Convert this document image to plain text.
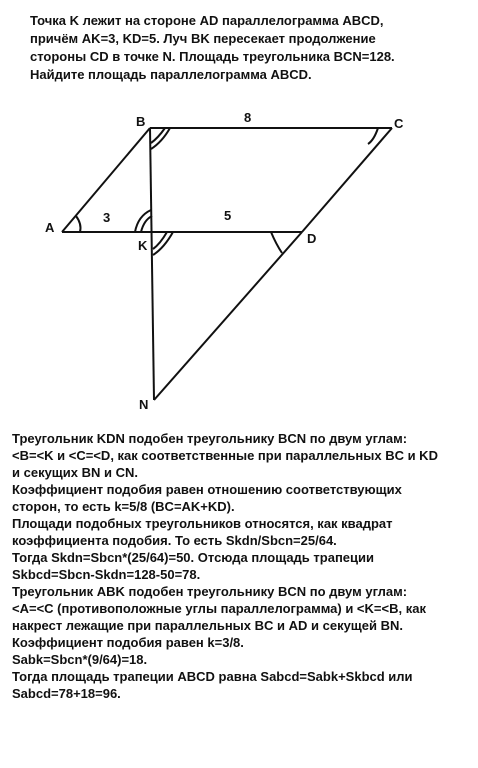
Точка K лежит на стороне AD параллелограмма ABCD,
причём AK=3, KD=5. Луч BK пересекает продолжение
стороны CD в точке N. Площадь треугольника BCN=128.
Найдите площадь параллелограмма ABCD.
B	C
A
D
K
N
8
3	5
Треугольник KDN подобен треугольнику BCN по двум углам:
<B=<K и <C=<D, как соответственные при параллельных BC и KD
и секущих BN и CN.
Коэффициент подобия равен отношению соответствующих
сторон, то есть k=5/8 (BC=AK+KD).
Площади подобных треугольников относятся, как квадрат
коэффициента подобия. То есть Skdn/Sbcn=25/64.
Тогда Skdn=Sbcn*(25/64)=50. Отсюда площадь трапеции
Skbcd=Sbcn-Skdn=128-50=78.
Треугольник ABK подобен треугольнику BCN по двум углам:
<A=<C (противоположные углы параллелограмма) и <K=<B, как
накрест лежащие при параллельных BC и AD и секущей BN.
Коэффициент подобия равен k=3/8.
Sabk=Sbcn*(9/64)=18.
Тогда площадь трапеции ABCD равна Sabcd=Sabk+Skbcd или
Sabcd=78+18=96.
